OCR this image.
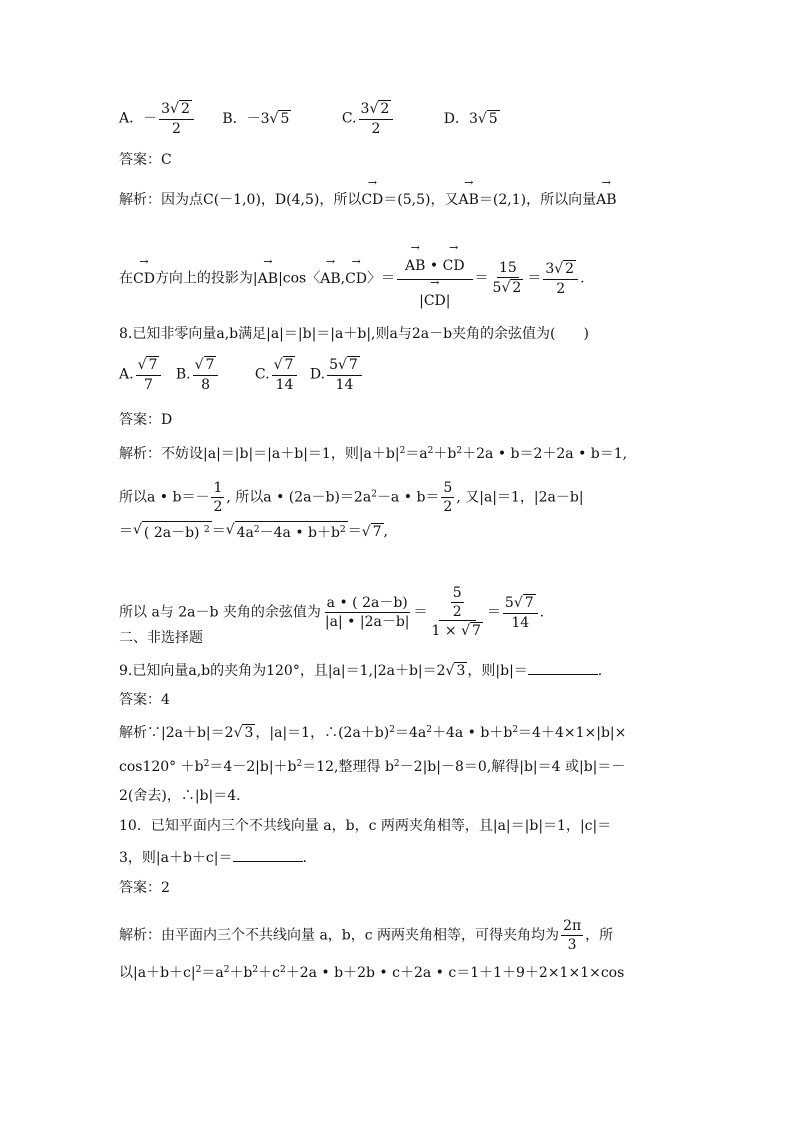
A．－ $\frac{3 √ 2}{2}$ B．－3 √ 5	C. $\frac{3 √ 2}{2}$	D．3 √ 5
答案：C
解析：因为点C(－1,0)，D(4,5)，所以→ CD＝(5,5)，又→ AB＝(2,1)，所以向量→ AB
在→ CD方向上的投影为|→ AB|cos〈→ AB,→ CD〉＝
→ $\frac{AB • \to CD}{|\to CD|} = \frac{15}{5 √ 2} = \frac{3 √ 2}{2}$ .
8.已知非零向量a,b满足|a|＝|b|＝|a＋b|,则a与2a－b夹角的余弦值为(　　)
A. $\frac{√ 7}{7} B$. $\frac{√ 7}{8}$	C. $\frac{√ 7}{14} D$. $\frac{5 √ 7}{14}$
答案：D
解析：不妨设|a|＝|b|＝|a＋b|＝1，则$|a+b|^2=a^2+b^2+2a$ • b＝2＋2a • b＝1,
所以a • $b=- \frac{1}{2}$ , 所以a • $(2a-b)=2a^2-a$ • $b= \frac{5}{2}$ , 又|a|＝1，|2a－b|
＝ √ ( 2a－b) $^2$ ＝ √ $4a^2-4a$ • $b+b^2$ ＝ √ 7 ,
所以 a与 2a－b 夹角的余弦值为 $\frac{a • ( 2a-b)}{|a| • |2a-b|} = \frac{\frac{5}{2}}{1 \times √ 7} = \frac{5 √ 7}{14}$ .
二、非选择题
9.已知向量a,b的夹角为120°，且|a|＝1,|2a＋b|＝2 √ 3 ，则|b|＝	.
答案：4
解析∵|2a＋b|＝2 √ 3 ，|a|＝1，$\therefore(2a+b)^2=4a^2+4a$ • $b+b^2=4+4\times 1\times|b|\times$
$\cos 120^\circ +b^2=4-2|b|+b^2=12$,整理得 $b^2-2|b|-8=0$,解得|b|＝4 或|b|＝－
2(舍去)，∴|b|＝4.
10．已知平面内三个不共线向量 a，b，c 两两夹角相等，且|a|＝|b|＝1，|c|＝
3，则|a＋b＋c|＝	.
答案：2
解析：由平面内三个不共线向量 a，b，c 两两夹角相等，可得夹角均为 $\frac{2\pi}{3}$ ，所
以$|a+b+c|^2=a^2+b^2+c^2+2a$ • b＋2b • c＋2a • c＝1＋1＋9＋2×1×1×cos
